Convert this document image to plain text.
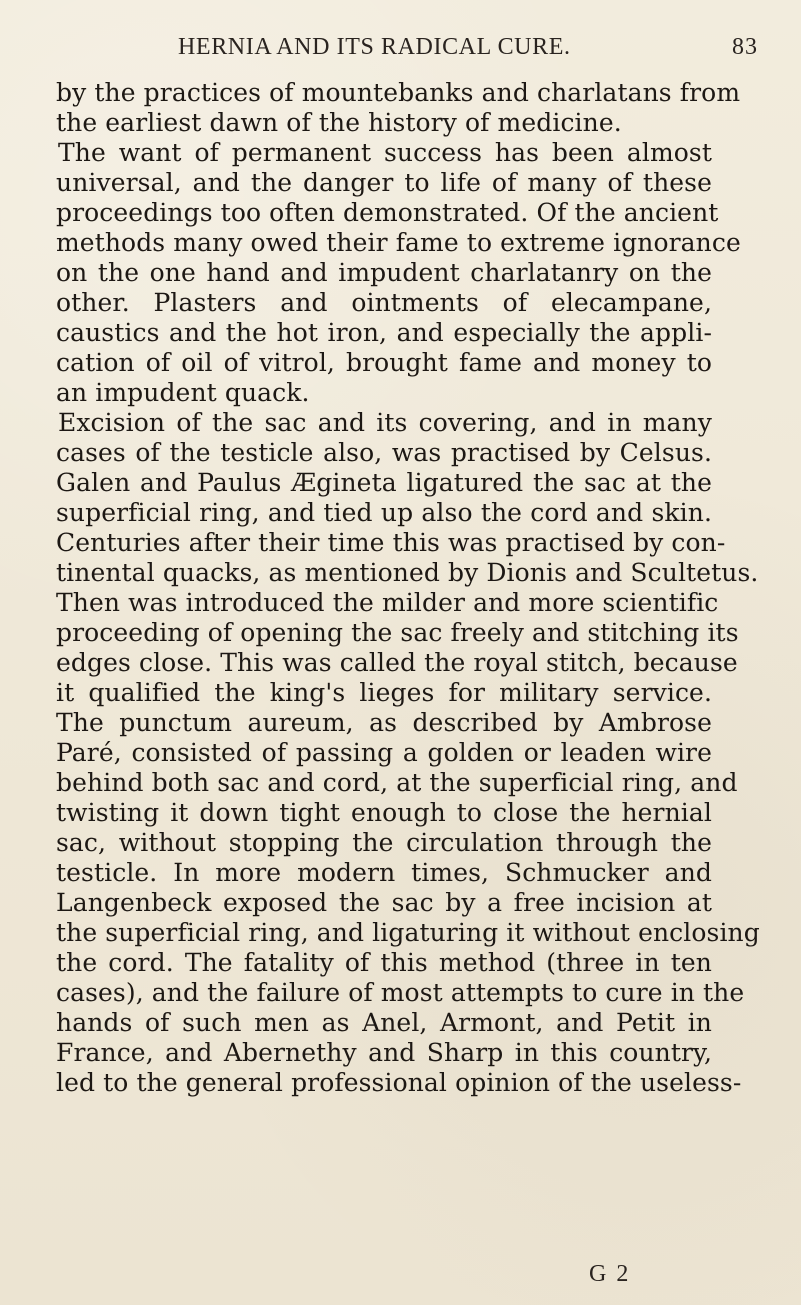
HERNIA AND ITS RADICAL CURE.	83
by the practices of mountebanks and charlatans from
the earliest dawn of the history of medicine.
The want of permanent success has been almost
universal, and the danger to life of many of these
proceedings too often demonstrated. Of the ancient
methods many owed their fame to extreme ignorance
on the one hand and impudent charlatanry on the
other. Plasters and ointments of elecampane,
caustics and the hot iron, and especially the appli-
cation of oil of vitrol, brought fame and money to
an impudent quack.
Excision of the sac and its covering, and in many
cases of the testicle also, was practised by Celsus.
Galen and Paulus Ægineta ligatured the sac at the
superficial ring, and tied up also the cord and skin.
Centuries after their time this was practised by con-
tinental quacks, as mentioned by Dionis and Scultetus.
Then was introduced the milder and more scientific
proceeding of opening the sac freely and stitching its
edges close. This was called the royal stitch, because
it qualified the king's lieges for military service.
The punctum aureum, as described by Ambrose
Paré, consisted of passing a golden or leaden wire
behind both sac and cord, at the superficial ring, and
twisting it down tight enough to close the hernial
sac, without stopping the circulation through the
testicle. In more modern times, Schmucker and
Langenbeck exposed the sac by a free incision at
the superficial ring, and ligaturing it without enclosing
the cord. The fatality of this method (three in ten
cases), and the failure of most attempts to cure in the
hands of such men as Anel, Armont, and Petit in
France, and Abernethy and Sharp in this country,
led to the general professional opinion of the useless-
G 2
